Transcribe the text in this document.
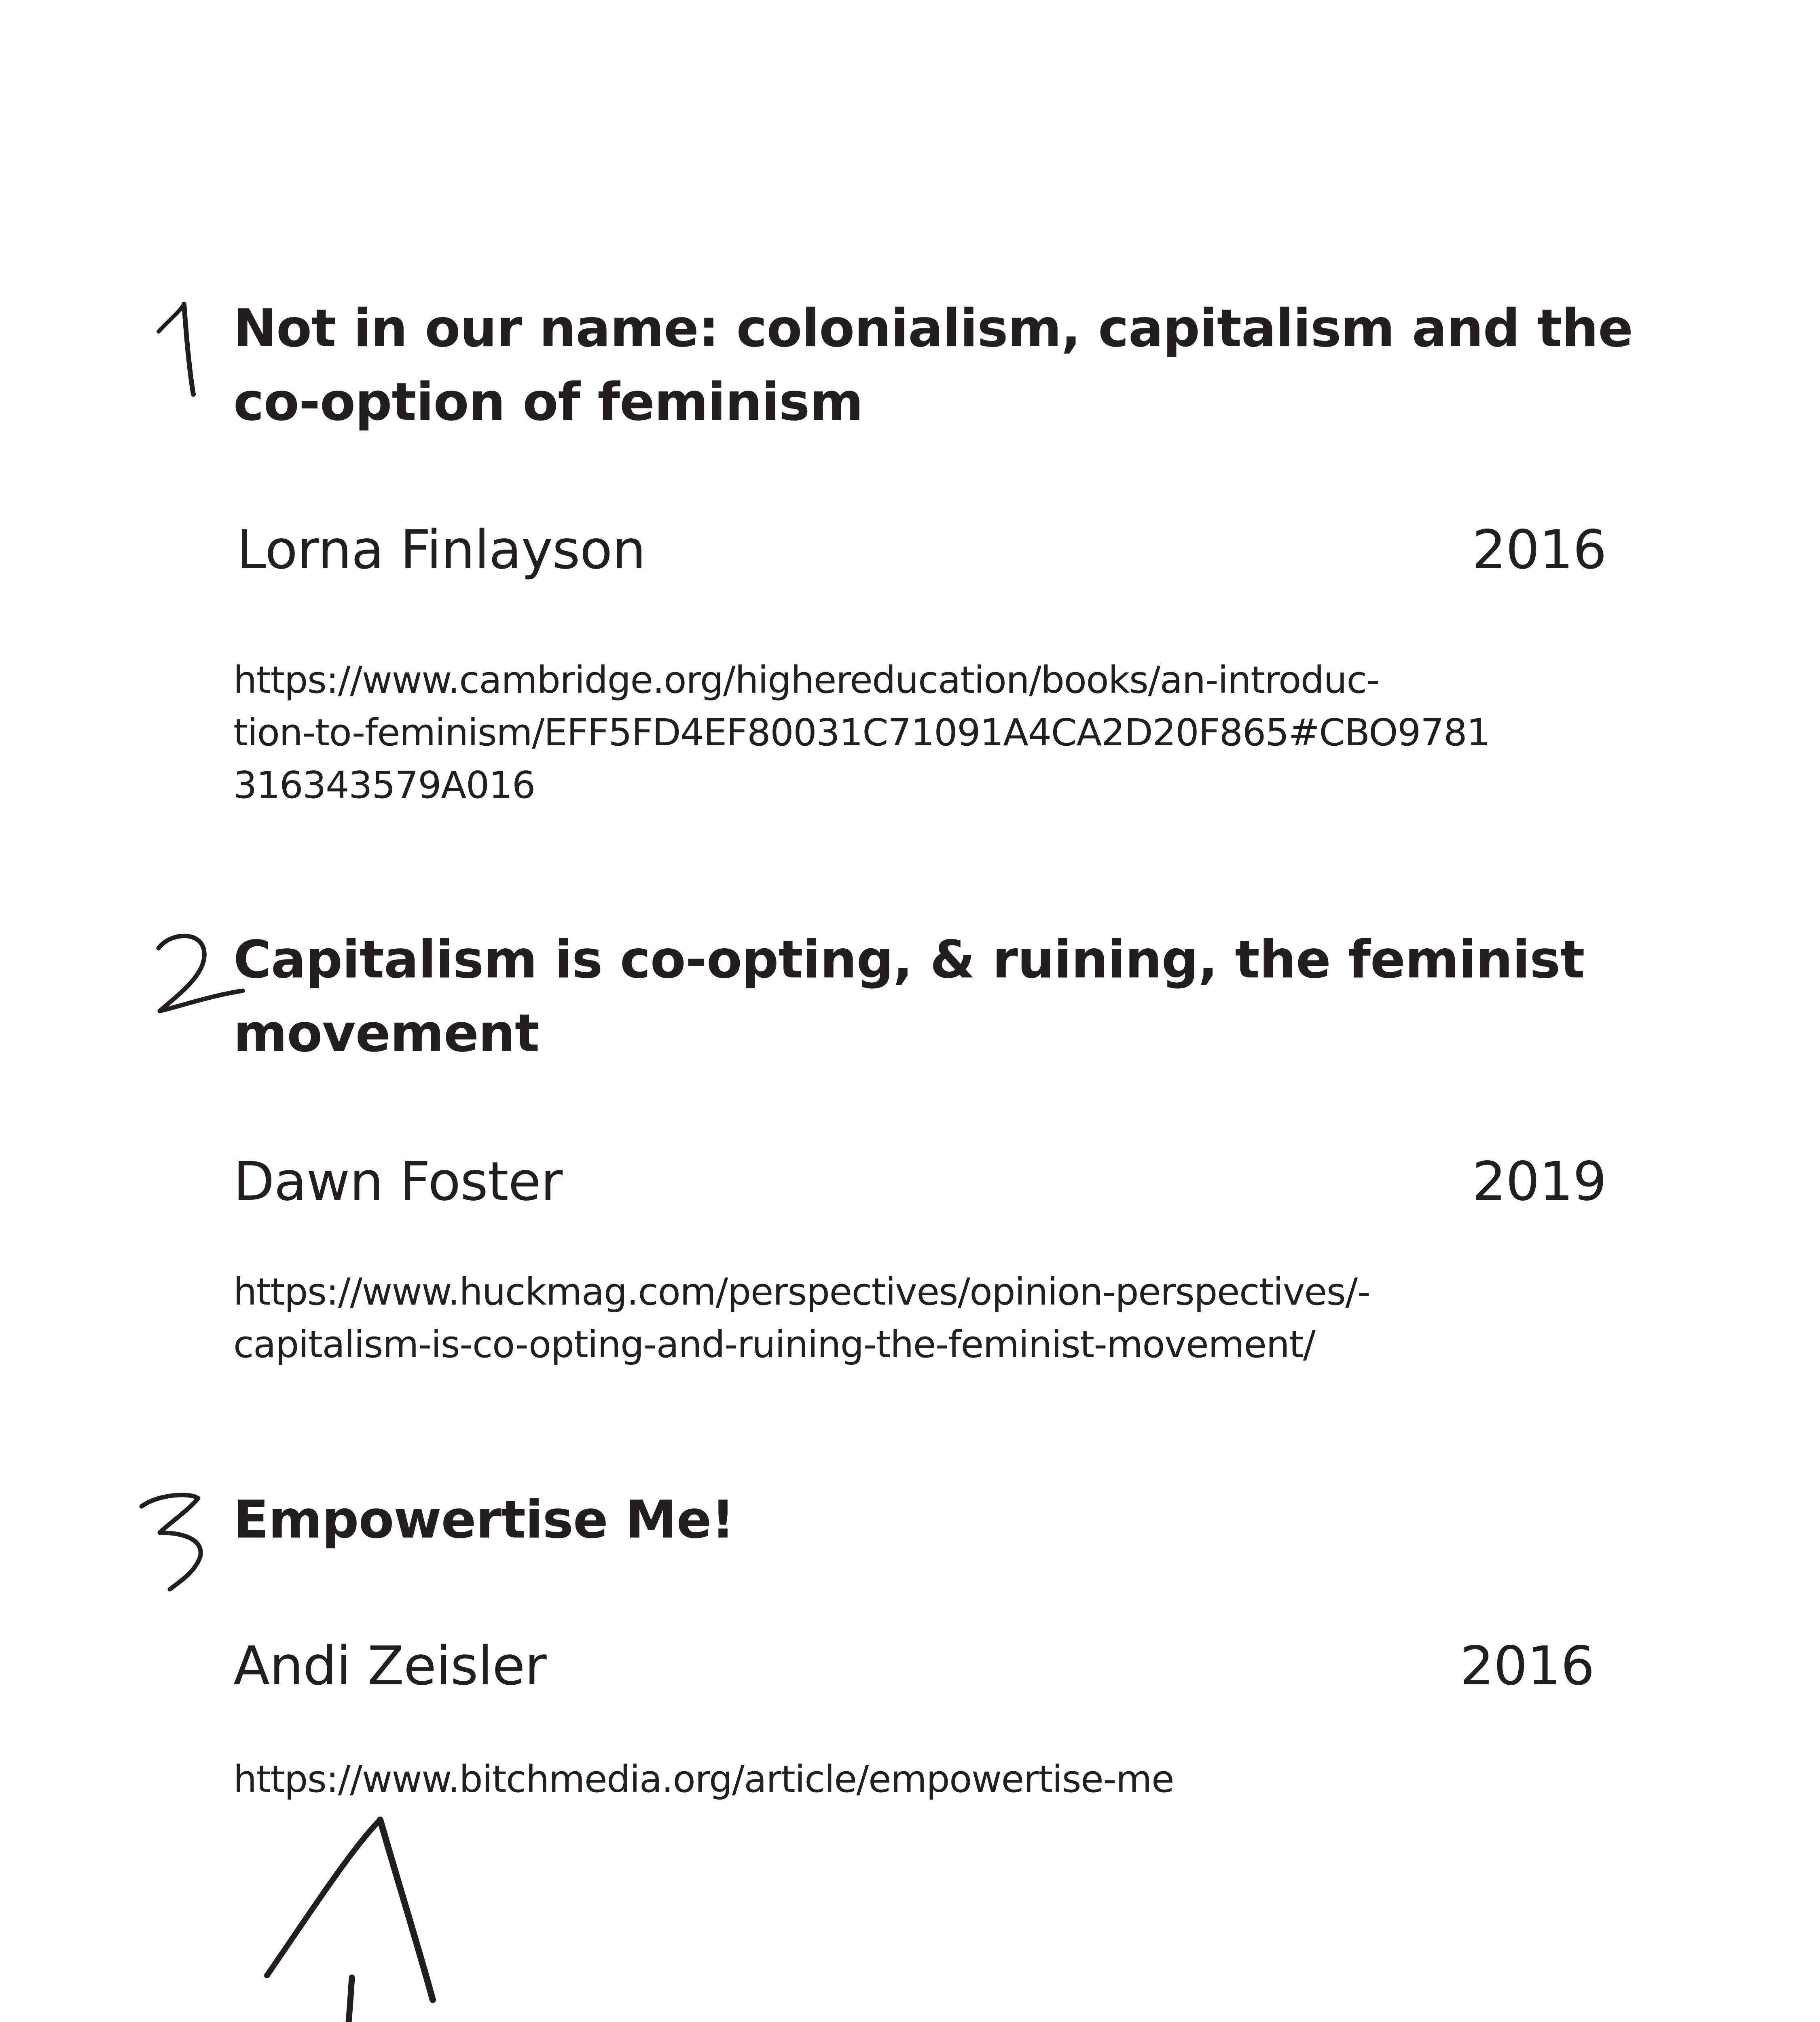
Not in our name: colonialism, capitalism and the
co-option of feminism
Lorna Finlayson	2016
https://www.cambridge.org/highereducation/books/an-introduc-
tion-to-feminism/EFF5FD4EF80031C71091A4CA2D20F865#CBO9781
316343579A016
Capitalism is co-opting, & ruining, the feminist
movement
Dawn Foster	2019
https://www.huckmag.com/perspectives/opinion-perspectives/-
capitalism-is-co-opting-and-ruining-the-feminist-movement/
Empowertise Me!
Andi Zeisler	2016
https://www.bitchmedia.org/article/empowertise-me
